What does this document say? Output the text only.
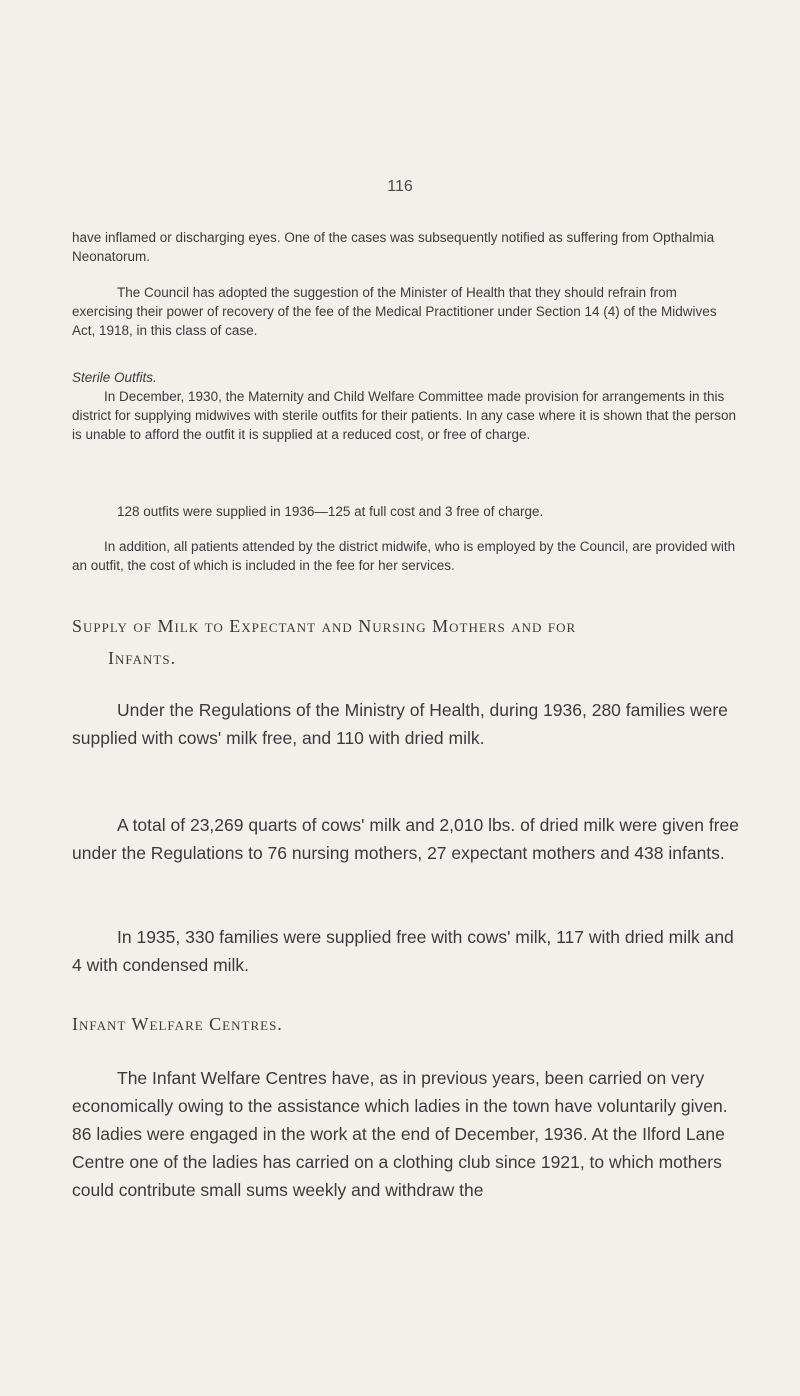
116

have inflamed or discharging eyes. One of the cases was subsequently notified as suffering from Opthalmia Neonatorum.

The Council has adopted the suggestion of the Minister of Health that they should refrain from exercising their power of recovery of the fee of the Medical Practitioner under Section 14 (4) of the Midwives Act, 1918, in this class of case.

Sterile Outfits.

In December, 1930, the Maternity and Child Welfare Committee made provision for arrangements in this district for supplying midwives with sterile outfits for their patients. In any case where it is shown that the person is unable to afford the outfit it is supplied at a reduced cost, or free of charge.

128 outfits were supplied in 1936—125 at full cost and 3 free of charge.

In addition, all patients attended by the district midwife, who is employed by the Council, are provided with an outfit, the cost of which is included in the fee for her services.

Supply of Milk to Expectant and Nursing Mothers and for

Infants.

Under the Regulations of the Ministry of Health, during 1936, 280 families were supplied with cows' milk free, and 110 with dried milk.

A total of 23,269 quarts of cows' milk and 2,010 lbs. of dried milk were given free under the Regulations to 76 nursing mothers, 27 expectant mothers and 438 infants.

In 1935, 330 families were supplied free with cows' milk, 117 with dried milk and 4 with condensed milk.

Infant Welfare Centres.

The Infant Welfare Centres have, as in previous years, been carried on very economically owing to the assistance which ladies in the town have voluntarily given. 86 ladies were engaged in the work at the end of December, 1936. At the Ilford Lane Centre one of the ladies has carried on a clothing club since 1921, to which mothers could contribute small sums weekly and withdraw the
